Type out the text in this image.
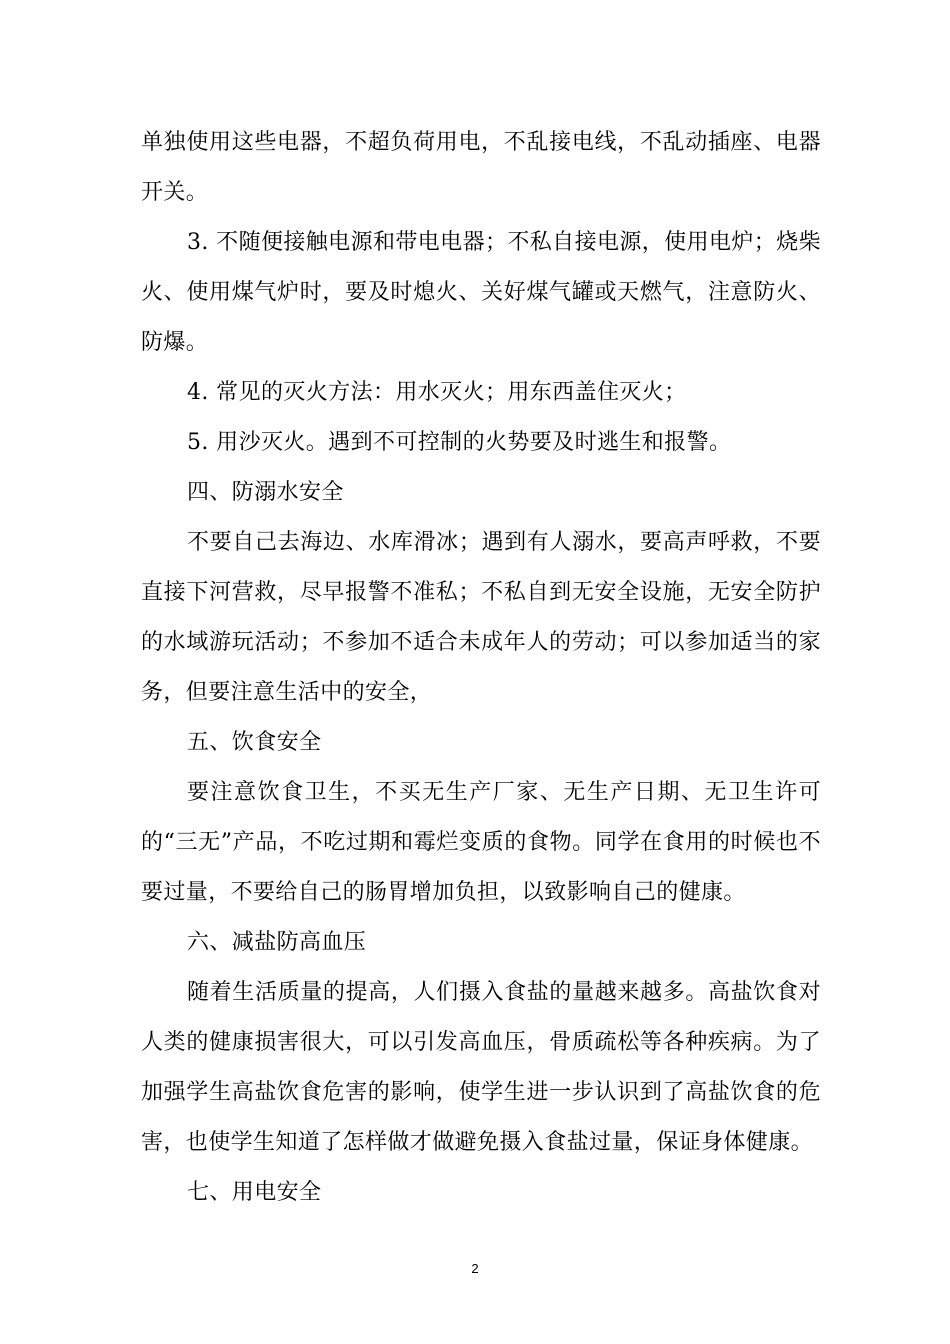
单独使用这些电器，不超负荷用电，不乱接电线，不乱动插座、电器开关。

3. 不随便接触电源和带电电器；不私自接电源，使用电炉；烧柴火、使用煤气炉时，要及时熄火、关好煤气罐或天燃气，注意防火、防爆。

4. 常见的灭火方法：用水灭火；用东西盖住灭火；

5. 用沙灭火。遇到不可控制的火势要及时逃生和报警。

四、防溺水安全

不要自己去海边、水库滑冰；遇到有人溺水，要高声呼救，不要直接下河营救，尽早报警不准私；不私自到无安全设施，无安全防护的水域游玩活动；不参加不适合未成年人的劳动；可以参加适当的家务，但要注意生活中的安全，

五、饮食安全

要注意饮食卫生，不买无生产厂家、无生产日期、无卫生许可的“三无”产品，不吃过期和霉烂变质的食物。同学在食用的时候也不要过量，不要给自己的肠胃增加负担，以致影响自己的健康。

六、减盐防高血压

随着生活质量的提高，人们摄入食盐的量越来越多。高盐饮食对人类的健康损害很大，可以引发高血压，骨质疏松等各种疾病。为了加强学生高盐饮食危害的影响，使学生进一步认识到了高盐饮食的危害，也使学生知道了怎样做才做避免摄入食盐过量，保证身体健康。

七、用电安全

2
